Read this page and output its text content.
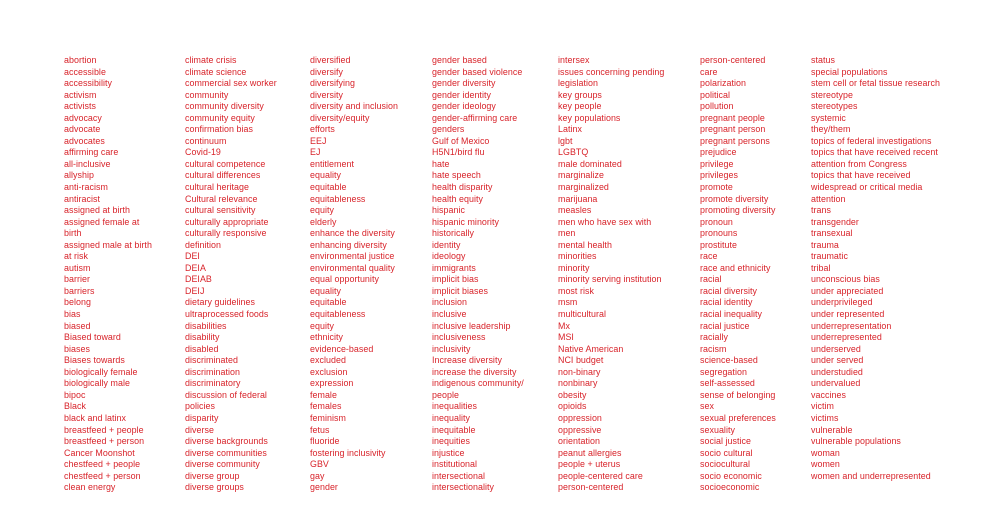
abortion
accessible
accessibility
activism
activists
advocacy
advocate
advocates
affirming care
all-inclusive
allyship
anti-racism
antiracist
assigned at birth
assigned female at
birth
assigned male at birth
at risk
autism
barrier
barriers
belong
bias
biased
Biased toward
biases
Biases towards
biologically female
biologically male
bipoc
Black
black and latinx
breastfeed + people
breastfeed + person
Cancer Moonshot
chestfeed + people
chestfeed + person
clean energy
climate crisis
climate science
commercial sex worker
community
community diversity
community equity
confirmation bias
continuum
Covid-19
cultural competence
cultural differences
cultural heritage
Cultural relevance
cultural sensitivity
culturally appropriate
culturally responsive
definition
DEI
DEIA
DEIAB
DEIJ
dietary guidelines
ultraprocessed foods
disabilities
disability
disabled
discriminated
discrimination
discriminatory
discussion of federal
policies
disparity
diverse
diverse backgrounds
diverse communities
diverse community
diverse group
diverse groups
diversified
diversify
diversifying
diversity
diversity and inclusion
diversity/equity
efforts
EEJ
EJ
entitlement
equality
equitable
equitableness
equity
elderly
enhance the diversity
enhancing diversity
environmental justice
environmental quality
equal opportunity
equality
equitable
equitableness
equity
ethnicity
evidence-based
excluded
exclusion
expression
female
females
feminism
fetus
fluoride
fostering inclusivity
GBV
gay
gender
gender based
gender based violence
gender diversity
gender identity
gender ideology
gender-affirming care
genders
Gulf of Mexico
H5N1/bird flu
hate
hate speech
health disparity
health equity
hispanic
hispanic minority
historically
identity
ideology
immigrants
implicit bias
implicit biases
inclusion
inclusive
inclusive leadership
inclusiveness
inclusivity
Increase diversity
increase the diversity
indigenous community/
people
inequalities
inequality
inequitable
inequities
injustice
institutional
intersectional
intersectionality
intersex
issues concerning pending
legislation
key groups
key people
key populations
Latinx
lgbt
LGBTQ
male dominated
marginalize
marginalized
marijuana
measles
men who have sex with
men
mental health
minorities
minority
minority serving institution
most risk
msm
multicultural
Mx
MSI
Native American
NCI budget
non-binary
nonbinary
obesity
opioids
oppression
oppressive
orientation
peanut allergies
people + uterus
people-centered care
person-centered
person-centered
care
polarization
political
pollution
pregnant people
pregnant person
pregnant persons
prejudice
privilege
privileges
promote
promote diversity
promoting diversity
pronoun
pronouns
prostitute
race
race and ethnicity
racial
racial diversity
racial identity
racial inequality
racial justice
racially
racism
science-based
segregation
self-assessed
sense of belonging
sex
sexual preferences
sexuality
social justice
socio cultural
sociocultural
socio economic
socioeconomic
status
special populations
stem cell or fetal tissue research
stereotype
stereotypes
systemic
they/them
topics of federal investigations
topics that have received recent
attention from Congress
topics that have received
widespread or critical media
attention
trans
transgender
transexual
trauma
traumatic
tribal
unconscious bias
under appreciated
underprivileged
under represented
underrepresentation
underrepresented
underserved
under served
understudied
undervalued
vaccines
victim
victims
vulnerable
vulnerable populations
woman
women
women and underrepresented
